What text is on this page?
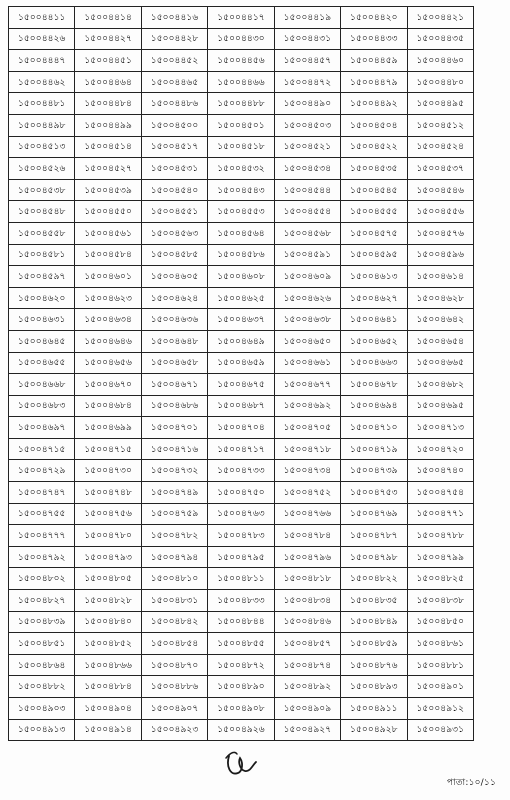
১৫০০৪৪১১	১৫০০৪৪১৪	১৫০০৪৪১৬	১৫০০৪৪১৭	১৫০০৪৪১৯	১৫০০৪৪২০	১৫০০৪৪২১
১৫০০৪৪২৬	১৫০০৪৪২৭	১৫০০৪৪২৮	১৫০০৪৪৩০	১৫০০৪৪৩১	১৫০০৪৪৩৩	১৫০০৪৪৩৫
১৫০০৪৪৪৭	১৫০০৪৪৫১	১৫০০৪৪৫২	১৫০০৪৪৫৬	১৫০০৪৪৫৭	১৫০০৪৪৫৯	১৫০০৪৪৬০
১৫০০৪৪৬২	১৫০০৪৪৬৪	১৫০০৪৪৬৫	১৫০০৪৪৬৬	১৫০০৪৪৭২	১৫০০৪৪৭৯	১৫০০৪৪৮০
১৫০০৪৪৮১	১৫০০৪৪৮৪	১৫০০৪৪৮৬	১৫০০৪৪৮৮	১৫০০৪৪৯০	১৫০০৪৪৯২	১৫০০৪৪৯৫
১৫০০৪৪৯৮	১৫০০৪৪৯৯	১৫০০৪৫০০	১৫০০৪৫০১	১৫০০৪৫০৩	১৫০০৪৫০৪	১৫০০৪৫১২
১৫০০৪৫১৩	১৫০০৪৫১৪	১৫০০৪৫১৭	১৫০০৪৫১৮	১৫০০৪৫২১	১৫০০৪৫২২	১৫০০৪৫২৪
১৫০০৪৫২৬	১৫০০৪৫২৭	১৫০০৪৫৩১	১৫০০৪৫৩২	১৫০০৪৫৩৪	১৫০০৪৫৩৫	১৫০০৪৫৩৭
১৫০০৪৫৩৮	১৫০০৪৫৩৯	১৫০০৪৫৪০	১৫০০৪৫৪৩	১৫০০৪৫৪৪	১৫০০৪৫৪৫	১৫০০৪৫৪৬
১৫০০৪৫৪৮	১৫০০৪৫৫০	১৫০০৪৫৫১	১৫০০৪৫৫৩	১৫০০৪৫৫৪	১৫০০৪৫৫৫	১৫০০৪৫৫৬
১৫০০৪৫৫৮	১৫০০৪৫৬১	১৫০০৪৫৬৩	১৫০০৪৫৬৪	১৫০০৪৫৬৮	১৫০০৪৫৭৫	১৫০০৪৫৭৬
১৫০০৪৫৮১	১৫০০৪৫৮৪	১৫০০৪৫৮৫	১৫০০৪৫৮৬	১৫০০৪৫৯১	১৫০০৪৫৯৫	১৫০০৪৫৯৬
১৫০০৪৫৯৭	১৫০০৪৬০১	১৫০০৪৬০৫	১৫০০৪৬০৮	১৫০০৪৬০৯	১৫০০৪৬১৩	১৫০০৪৬১৪
১৫০০৪৬২০	১৫০০৪৬২৩	১৫০০৪৬২৪	১৫০০৪৬২৫	১৫০০৪৬২৬	১৫০০৪৬২৭	১৫০০৪৬২৮
১৫০০৪৬৩১	১৫০০৪৬৩৪	১৫০০৪৬৩৬	১৫০০৪৬৩৭	১৫০০৪৬৩৮	১৫০০৪৬৪১	১৫০০৪৬৪২
১৫০০৪৬৪৫	১৫০০৪৬৪৬	১৫০০৪৬৪৮	১৫০০৪৬৪৯	১৫০০৪৬৫০	১৫০০৪৬৫২	১৫০০৪৬৫৪
১৫০০৪৬৫৫	১৫০০৪৬৫৬	১৫০০৪৬৫৮	১৫০০৪৬৫৯	১৫০০৪৬৬১	১৫০০৪৬৬৩	১৫০০৪৬৬৫
১৫০০৪৬৬৮	১৫০০৪৬৭০	১৫০০৪৬৭১	১৫০০৪৬৭৫	১৫০০৪৬৭৭	১৫০০৪৬৭৮	১৫০০৪৬৮২
১৫০০৪৬৮৩	১৫০০৪৬৮৪	১৫০০৪৬৮৬	১৫০০৪৬৮৭	১৫০০৪৬৯২	১৫০০৪৬৯৪	১৫০০৪৬৯৫
১৫০০৪৬৯৭	১৫০০৪৬৯৯	১৫০০৪৭০১	১৫০০৪৭০৪	১৫০০৪৭০৫	১৫০০৪৭১০	১৫০০৪৭১৩
১৫০০৪৭১৫	১৫০০৪৭১৫	১৫০০৪৭১৬	১৫০০৪৭১৭	১৫০০৪৭১৮	১৫০০৪৭১৯	১৫০০৪৭২০
১৫০০৪৭২৯	১৫০০৪৭৩০	১৫০০৪৭৩২	১৫০০৪৭৩৩	১৫০০৪৭৩৪	১৫০০৪৭৩৯	১৫০০৪৭৪০
১৫০০৪৭৪৭	১৫০০৪৭৪৮	১৫০০৪৭৪৯	১৫০০৪৭৫০	১৫০০৪৭৫২	১৫০০৪৭৫৩	১৫০০৪৭৫৪
১৫০০৪৭৫৫	১৫০০৪৭৫৬	১৫০০৪৭৫৯	১৫০০৪৭৬৩	১৫০০৪৭৬৬	১৫০০৪৭৬৯	১৫০০৪৭৭১
১৫০০৪৭৭৭	১৫০০৪৭৮০	১৫০০৪৭৮২	১৫০০৪৭৮৩	১৫০০৪৭৮৪	১৫০০৪৭৮৭	১৫০০৪৭৮৮
১৫০০৪৭৯২	১৫০০৪৭৯৩	১৫০০৪৭৯৪	১৫০০৪৭৯৫	১৫০০৪৭৯৬	১৫০০৪৭৯৮	১৫০০৪৭৯৯
১৫০০৪৮০২	১৫০০৪৮০৫	১৫০০৪৮১০	১৫০০৪৮১১	১৫০০৪৮১৮	১৫০০৪৮২২	১৫০০৪৮২৫
১৫০০৪৮২৭	১৫০০৪৮২৮	১৫০০৪৮৩১	১৫০০৪৮৩৩	১৫০০৪৮৩৪	১৫০০৪৮৩৫	১৫০০৪৮৩৮
১৫০০৪৮৩৯	১৫০০৪৮৪০	১৫০০৪৮৪২	১৫০০৪৮৪৪	১৫০০৪৮৪৬	১৫০০৪৮৪৯	১৫০০৪৮৫০
১৫০০৪৮৫১	১৫০০৪৮৫২	১৫০০৪৮৫৪	১৫০০৪৮৫৫	১৫০০৪৮৫৭	১৫০০৪৮৫৯	১৫০০৪৮৬১
১৫০০৪৮৬৪	১৫০০৪৮৬৬	১৫০০৪৮৭০	১৫০০৪৮৭২	১৫০০৪৮৭৪	১৫০০৪৮৭৬	১৫০০৪৮৮১
১৫০০৪৮৮২	১৫০০৪৮৮৪	১৫০০৪৮৮৬	১৫০০৪৮৯০	১৫০০৪৮৯২	১৫০০৪৮৯৩	১৫০০৪৯০১
১৫০০৪৯০৩	১৫০০৪৯০৪	১৫০০৪৯০৭	১৫০০৪৯০৮	১৫০০৪৯০৯	১৫০০৪৯১১	১৫০০৪৯১২
১৫০০৪৯১৩	১৫০০৪৯১৪	১৫০০৪৯২৩	১৫০০৪৯২৬	১৫০০৪৯২৭	১৫০০৪৯২৮	১৫০০৪৯৩১
পাতা:১০/১১
